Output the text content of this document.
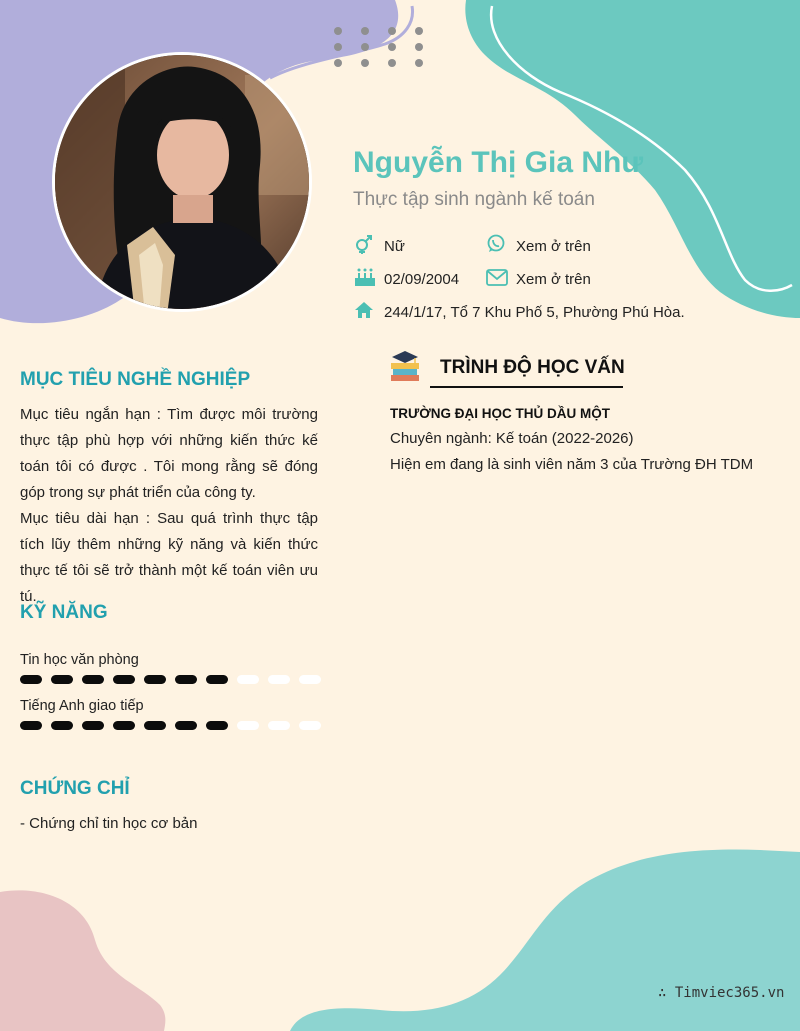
Nguyễn Thị Gia Như
Thực tập sinh ngành kế toán
Nữ	Xem ở trên
02/09/2004	Xem ở trên
244/1/17, Tổ 7 Khu Phố 5, Phường Phú Hòa.
MỤC TIÊU NGHỀ NGHIỆP
Mục tiêu ngắn hạn : Tìm được môi trường thực tập phù hợp với những kiến thức kế toán tôi có được . Tôi mong rằng sẽ đóng góp trong sự phát triển của công ty.
Mục tiêu dài hạn : Sau quá trình thực tập tích lũy thêm những kỹ năng và kiến thức thực tế tôi sẽ trở thành một kế toán viên ưu tú.
KỸ NĂNG
Tin học văn phòng
Tiếng Anh giao tiếp
CHỨNG CHỈ
- Chứng chỉ tin học cơ bản
TRÌNH ĐỘ HỌC VẤN
TRƯỜNG ĐẠI HỌC THỦ DẦU MỘT
Chuyên ngành: Kế toán (2022-2026)
Hiện em đang là sinh viên năm 3 của Trường ĐH TDM
∴ Timviec365.vn
